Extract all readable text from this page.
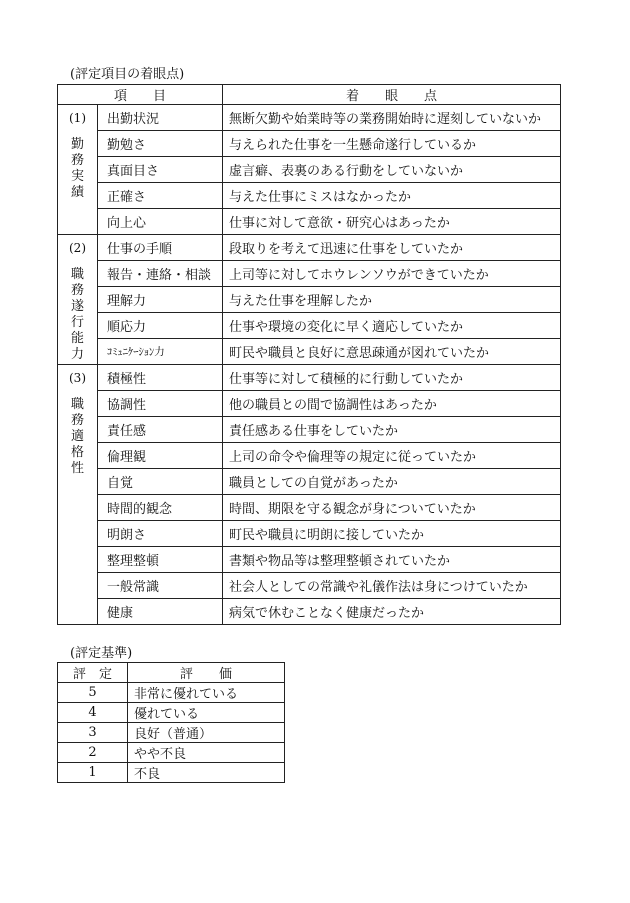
(評定項目の着眼点)
項　　目		着　　眼　　点

(1)
勤務実績	出勤状況	無断欠勤や始業時等の業務開始時に遅刻していないか
	勤勉さ	与えられた仕事を一生懸命遂行しているか
	真面目さ	虚言癖、表裏のある行動をしていないか
	正確さ	与えた仕事にミスはなかったか
	向上心	仕事に対して意欲・研究心はあったか

(2)
職務遂行能力	仕事の手順	段取りを考えて迅速に仕事をしていたか
	報告・連絡・相談	上司等に対してホウレンソウができていたか
	理解力	与えた仕事を理解したか
	順応力	仕事や環境の変化に早く適応していたか
	ｺﾐｭﾆｹｰｼｮﾝ力	町民や職員と良好に意思疎通が図れていたか

(3)
職務適格性	積極性	仕事等に対して積極的に行動していたか
	協調性	他の職員との間で協調性はあったか
	責任感	責任感ある仕事をしていたか
	倫理観	上司の命令や倫理等の規定に従っていたか
	自覚	職員としての自覚があったか
	時間的観念	時間、期限を守る観念が身についていたか
	明朗さ	町民や職員に明朗に接していたか
	整理整頓	書類や物品等は整理整頓されていたか
	一般常識	社会人としての常識や礼儀作法は身につけていたか
	健康	病気で休むことなく健康だったか
(評定基準)
評　定	評　　価
5	非常に優れている
4	優れている
3	良好（普通）
2	やや不良
1	不良
